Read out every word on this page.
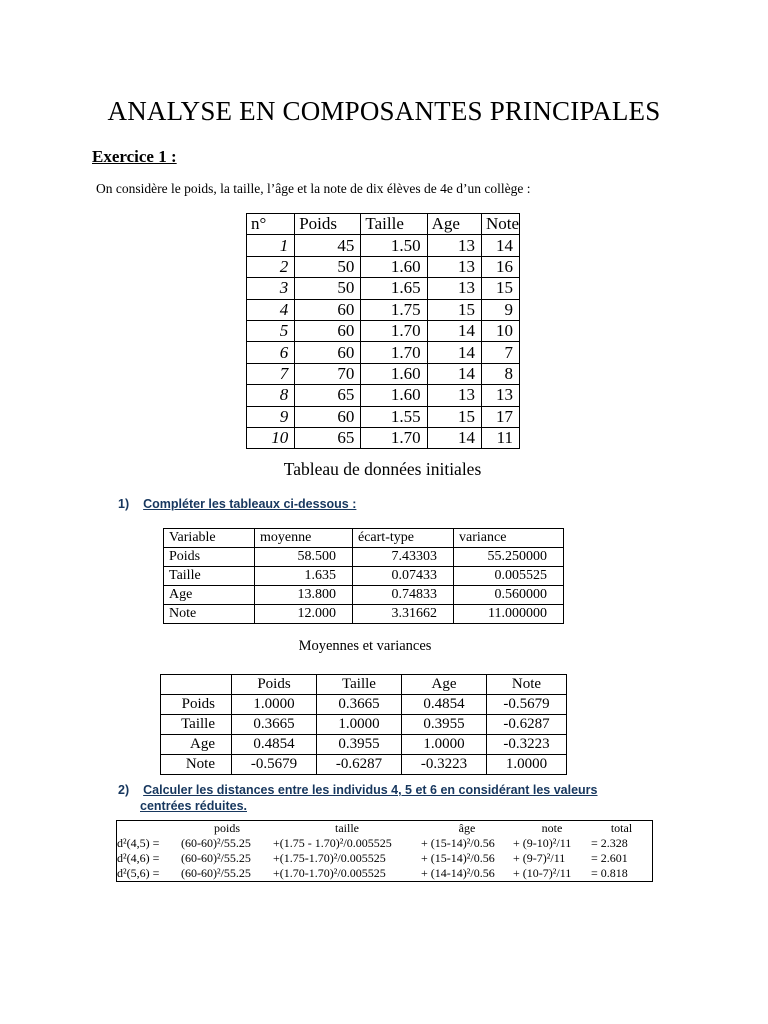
ANALYSE EN COMPOSANTES PRINCIPALES
Exercice 1 :
On considère le poids, la taille, l’âge et la note de dix élèves de 4e d’un collège :
n°	Poids	Taille	Age	Note
1	45	1.50	13	14
2	50	1.60	13	16
3	50	1.65	13	15
4	60	1.75	15	9
5	60	1.70	14	10
6	60	1.70	14	7
7	70	1.60	14	8
8	65	1.60	13	13
9	60	1.55	15	17
10	65	1.70	14	11
Tableau de données initiales
1) Compléter les tableaux ci-dessous :
Variable	moyenne	écart-type	variance
Poids	58.500	7.43303	55.250000
Taille	1.635	0.07433	0.005525
Age	13.800	0.74833	0.560000
Note	12.000	3.31662	11.000000
Moyennes et variances
	Poids	Taille	Age	Note
Poids	1.0000	0.3665	0.4854	-0.5679
Taille	0.3665	1.0000	0.3955	-0.6287
Age	0.4854	0.3955	1.0000	-0.3223
Note	-0.5679	-0.6287	-0.3223	1.0000
2) Calculer les distances entre les individus 4, 5 et 6 en considérant les valeurs
centrées réduites.
	poids	taille	âge	note	total
d²(4,5) =	(60-60)²/55.25	+(1.75 - 1.70)²/0.005525	+ (15-14)²/0.56	+ (9-10)²/11	= 2.328
d²(4,6) =	(60-60)²/55.25	+(1.75-1.70)²/0.005525	+ (15-14)²/0.56	+ (9-7)²/11	= 2.601
d²(5,6) =	(60-60)²/55.25	+(1.70-1.70)²/0.005525	+ (14-14)²/0.56	+ (10-7)²/11	= 0.818
